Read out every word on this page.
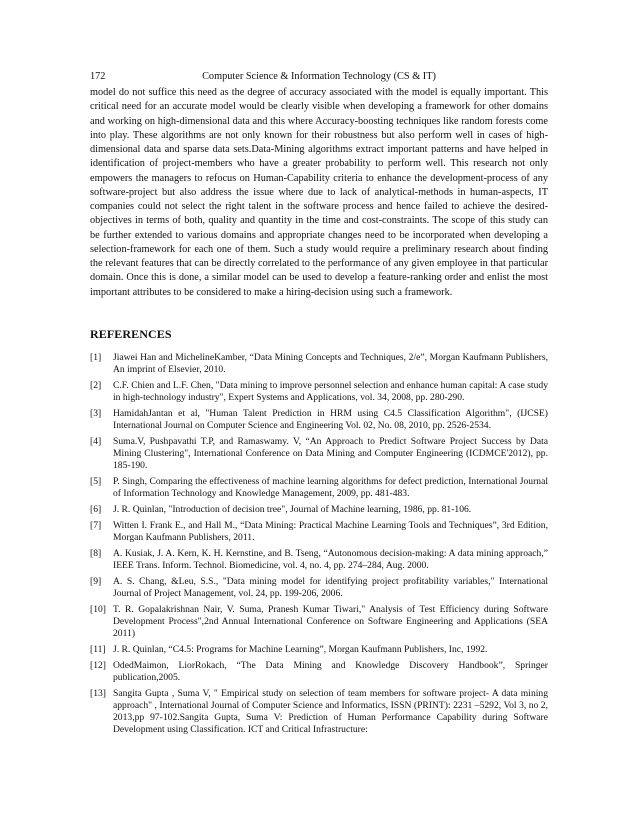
172	Computer Science & Information Technology (CS & IT)

model do not suffice this need as the degree of accuracy associated with the model is equally important. This critical need for an accurate model would be clearly visible when developing a framework for other domains and working on high-dimensional data and this where Accuracy-boosting techniques like random forests come into play. These algorithms are not only known for their robustness but also perform well in cases of high-dimensional data and sparse data sets.Data-Mining algorithms extract important patterns and have helped in identification of project-members who have a greater probability to perform well. This research not only empowers the managers to refocus on Human-Capability criteria to enhance the development-process of any software-project but also address the issue where due to lack of analytical-methods in human-aspects, IT companies could not select the right talent in the software process and hence failed to achieve the desired-objectives in terms of both, quality and quantity in the time and cost-constraints. The scope of this study can be further extended to various domains and appropriate changes need to be incorporated when developing a selection-framework for each one of them. Such a study would require a preliminary research about finding the relevant features that can be directly correlated to the performance of any given employee in that particular domain. Once this is done, a similar model can be used to develop a feature-ranking order and enlist the most important attributes to be considered to make a hiring-decision using such a framework.

REFERENCES
[1] Jiawei Han and MichelineKamber, “Data Mining Concepts and Techniques, 2/e”, Morgan Kaufmann Publishers, An imprint of Elsevier, 2010.
[2] C.F. Chien and L.F. Chen, "Data mining to improve personnel selection and enhance human capital: A case study in high-technology industry", Expert Systems and Applications, vol. 34, 2008, pp. 280-290.
[3] HamidahJantan et al, "Human Talent Prediction in HRM using C4.5 Classification Algorithm", (IJCSE) International Journal on Computer Science and Engineering Vol. 02, No. 08, 2010, pp. 2526-2534.
[4] Suma.V, Pushpavathi T.P, and Ramaswamy. V, “An Approach to Predict Software Project Success by Data Mining Clustering", International Conference on Data Mining and Computer Engineering (ICDMCE'2012), pp. 185-190.
[5] P. Singh, Comparing the effectiveness of machine learning algorithms for defect prediction, International Journal of Information Technology and Knowledge Management, 2009, pp. 481-483.
[6] J. R. Quinlan, "Introduction of decision tree", Journal of Machine learning, 1986, pp. 81-106.
[7] Witten I. Frank E., and Hall M., “Data Mining: Practical Machine Learning Tools and Techniques”, 3rd Edition, Morgan Kaufmann Publishers, 2011.
[8] A. Kusiak, J. A. Kern, K. H. Kernstine, and B. Tseng, “Autonomous decision-making: A data mining approach,” IEEE Trans. Inform. Technol. Biomedicine, vol. 4, no. 4, pp. 274–284, Aug. 2000.
[9] A. S. Chang, &Leu, S.S., "Data mining model for identifying project profitability variables," International Journal of Project Management, vol. 24, pp. 199-206, 2006.
[10] T. R. Gopalakrishnan Nair, V. Suma, Pranesh Kumar Tiwari," Analysis of Test Efficiency during Software Development Process",2nd Annual International Conference on Software Engineering and Applications (SEA 2011)
[11] J. R. Quinlan, “C4.5: Programs for Machine Learning”, Morgan Kaufmann Publishers, Inc, 1992.
[12] OdedMaimon, LiorRokach, “The Data Mining and Knowledge Discovery Handbook”, Springer publication,2005.
[13] Sangita Gupta , Suma V, " Empirical study on selection of team members for software project- A data mining approach" , International Journal of Computer Science and Informatics, ISSN (PRINT): 2231 –5292, Vol 3, no 2, 2013,pp 97-102.Sangita Gupta, Suma V: Prediction of Human Performance Capability during Software Development using Classification. ICT and Critical Infrastructure:
